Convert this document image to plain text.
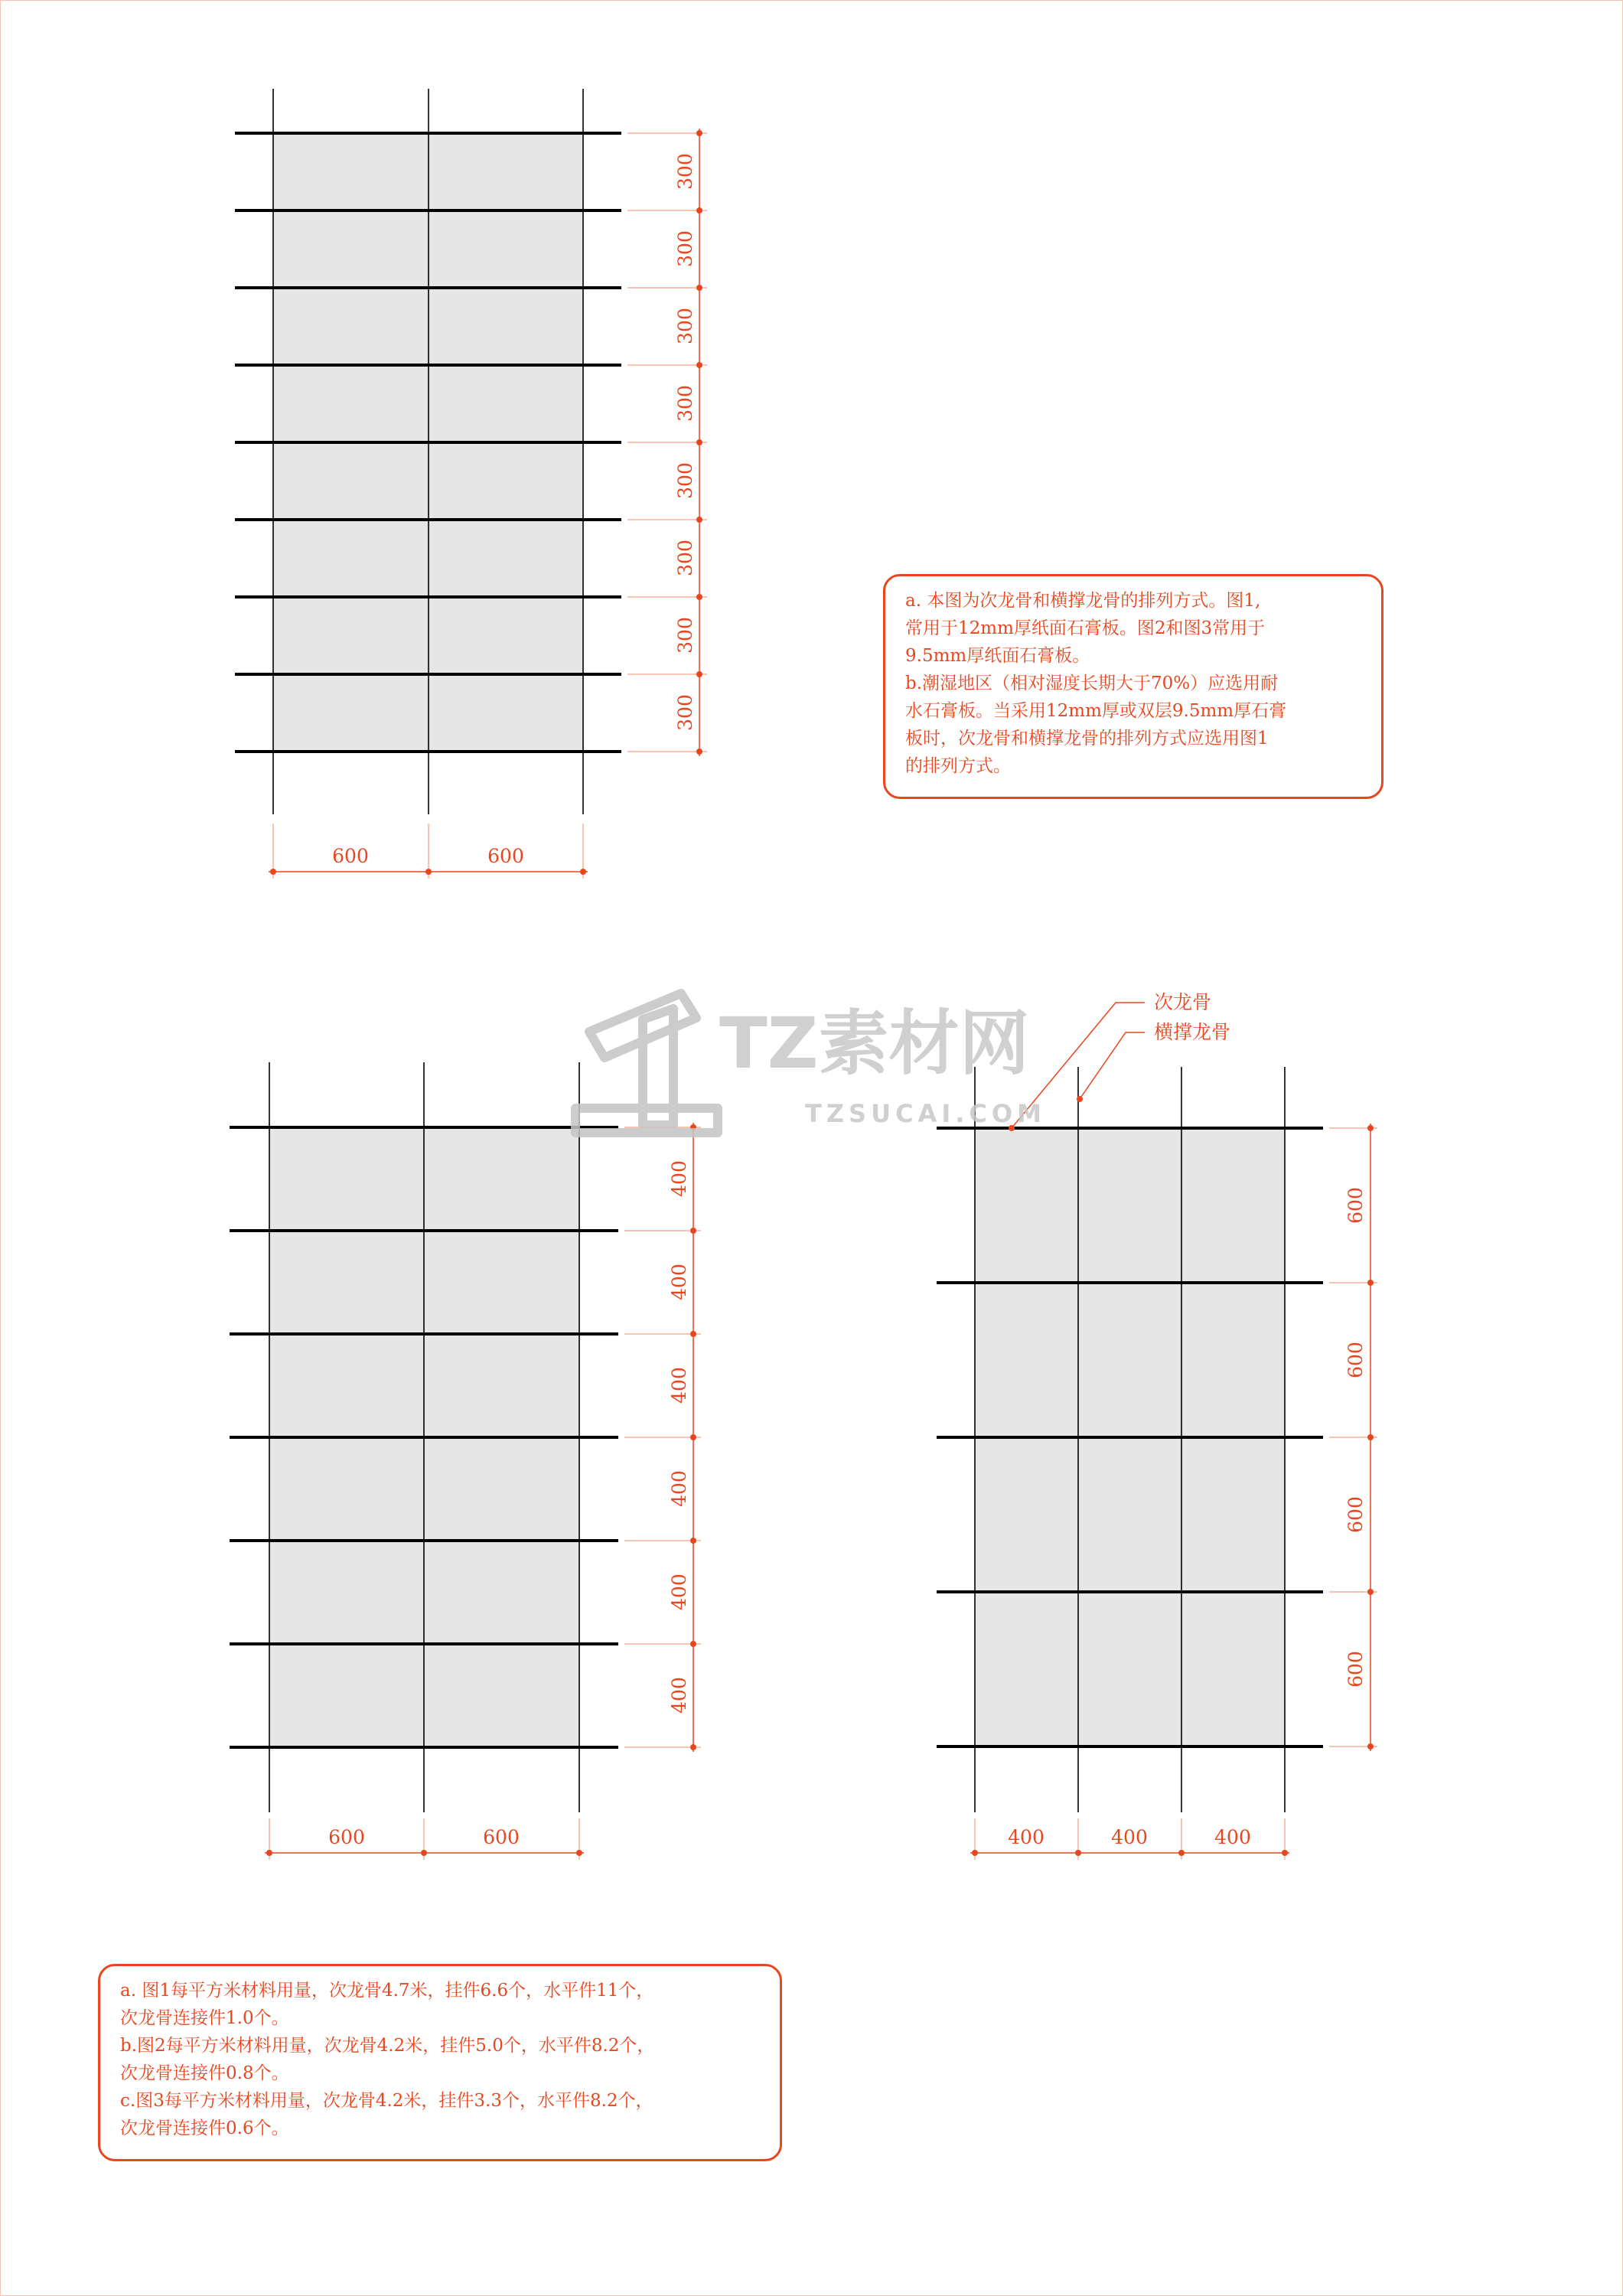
300
300
300
300
300
300
300
300
600	600
400
400
400
400
400
400
600	600
600
600
600
600
400	400	400
次龙骨
横撑龙骨
TZ素材网
TZSUCAI.COM

a. 本图为次龙骨和横撑龙骨的排列方式。图1,

常用于12mm厚纸面石膏板。图2和图3常用于

9.5mm厚纸面石膏板。

b.潮湿地区（相对湿度长期大于70%）应选用耐

水石膏板。当采用12mm厚或双层9.5mm厚石膏

板时，次龙骨和横撑龙骨的排列方式应选用图1

的排列方式。

a. 图1每平方米材料用量，次龙骨4.7米，挂件6.6个，水平件11个，

次龙骨连接件1.0个。

b.图2每平方米材料用量，次龙骨4.2米，挂件5.0个，水平件8.2个，

次龙骨连接件0.8个。

c.图3每平方米材料用量，次龙骨4.2米，挂件3.3个，水平件8.2个，

次龙骨连接件0.6个。
